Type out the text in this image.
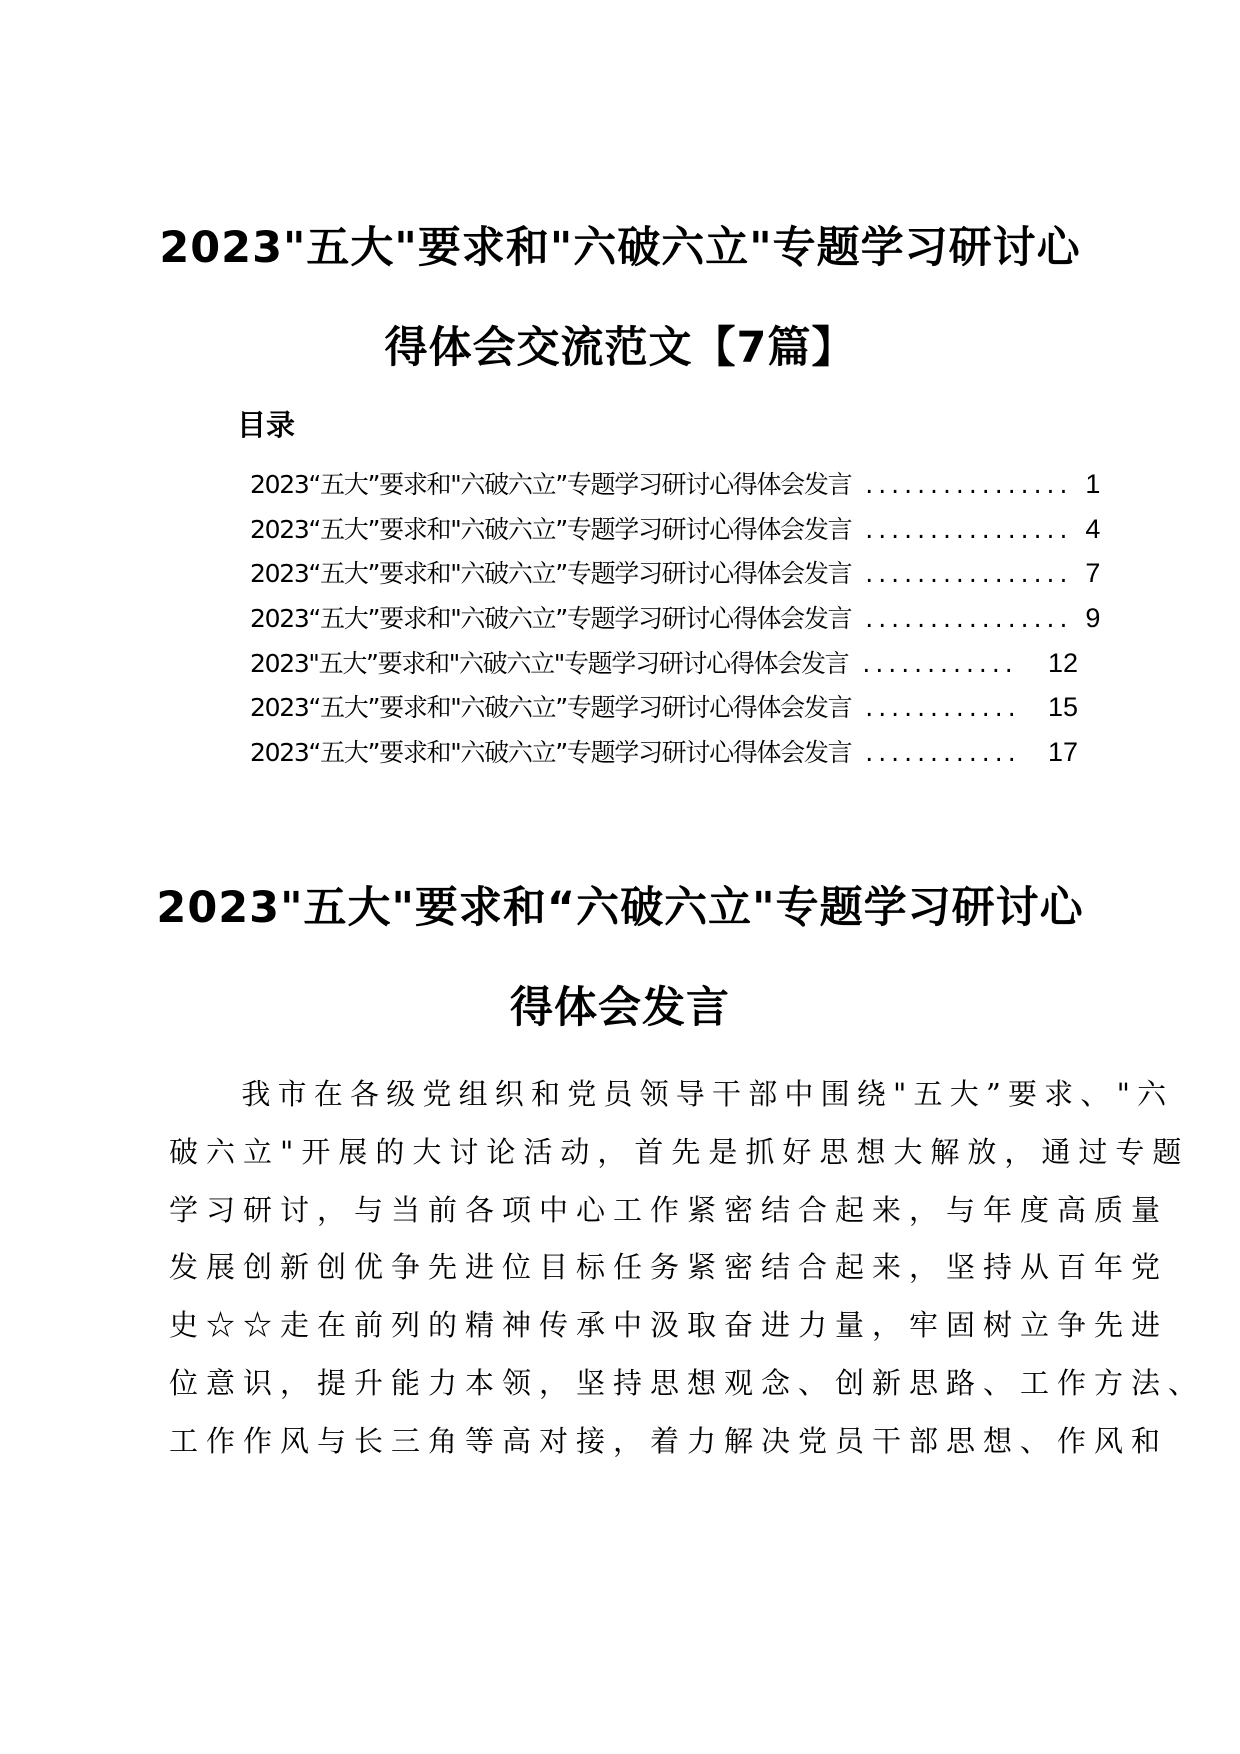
2023"五大"要求和"六破六立"专题学习研讨心
得体会交流范文【7篇】
目录
2023“五大”要求和"六破六立”专题学习研讨心得体会发言 ................ 1
2023“五大”要求和"六破六立”专题学习研讨心得体会发言 ................ 4
2023“五大”要求和"六破六立”专题学习研讨心得体会发言 ................ 7
2023“五大”要求和"六破六立”专题学习研讨心得体会发言 ................ 9
2023"五大”要求和"六破六立"专题学习研讨心得体会发言 ............	12
2023“五大”要求和"六破六立”专题学习研讨心得体会发言 ............	15
2023“五大”要求和"六破六立”专题学习研讨心得体会发言 ............	17
2023"五大"要求和“六破六立"专题学习研讨心
得体会发言

　　我市在各级党组织和党员领导干部中围绕"五大”要求、"六
破六立"开展的大讨论活动，首先是抓好思想大解放，通过专题
学习研讨，与当前各项中心工作紧密结合起来，与年度高质量
发展创新创优争先进位目标任务紧密结合起来，坚持从百年党
史☆☆走在前列的精神传承中汲取奋进力量，牢固树立争先进
位意识，提升能力本领，坚持思想观念、创新思路、工作方法、
工作作风与长三角等高对接，着力解决党员干部思想、作风和
